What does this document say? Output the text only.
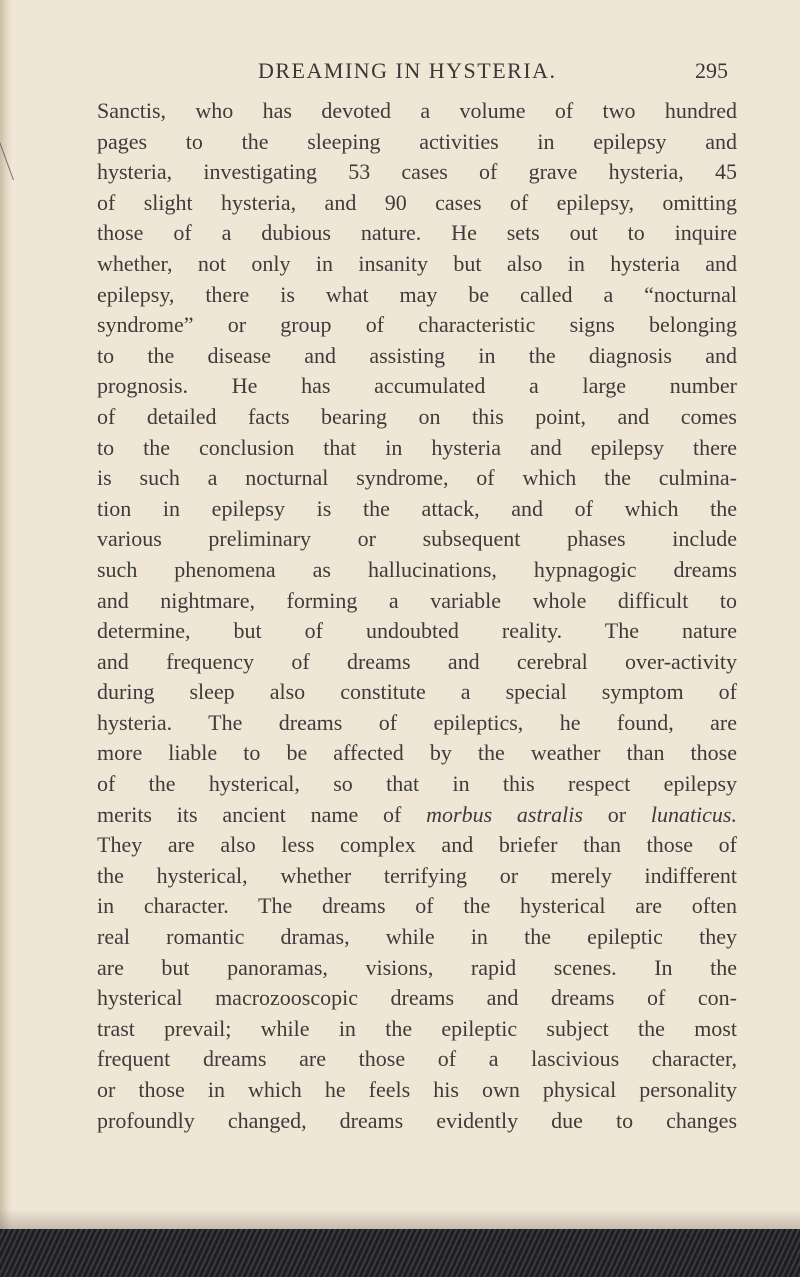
DREAMING IN HYSTERIA.	295
Sanctis, who has devoted a volume of two hundred
pages to the sleeping activities in epilepsy and
hysteria, investigating 53 cases of grave hysteria, 45
of slight hysteria, and 90 cases of epilepsy, omitting
those of a dubious nature. He sets out to inquire
whether, not only in insanity but also in hysteria and
epilepsy, there is what may be called a “nocturnal
syndrome” or group of characteristic signs belonging
to the disease and assisting in the diagnosis and
prognosis. He has accumulated a large number
of detailed facts bearing on this point, and comes
to the conclusion that in hysteria and epilepsy there
is such a nocturnal syndrome, of which the culmina-
tion in epilepsy is the attack, and of which the
various preliminary or subsequent phases include
such phenomena as hallucinations, hypnagogic dreams
and nightmare, forming a variable whole difficult to
determine, but of undoubted reality. The nature
and frequency of dreams and cerebral over-activity
during sleep also constitute a special symptom of
hysteria. The dreams of epileptics, he found, are
more liable to be affected by the weather than those
of the hysterical, so that in this respect epilepsy
merits its ancient name of morbus astralis or lunaticus.
They are also less complex and briefer than those of
the hysterical, whether terrifying or merely indifferent
in character. The dreams of the hysterical are often
real romantic dramas, while in the epileptic they
are but panoramas, visions, rapid scenes. In the
hysterical macrozooscopic dreams and dreams of con-
trast prevail; while in the epileptic subject the most
frequent dreams are those of a lascivious character,
or those in which he feels his own physical personality
profoundly changed, dreams evidently due to changes
